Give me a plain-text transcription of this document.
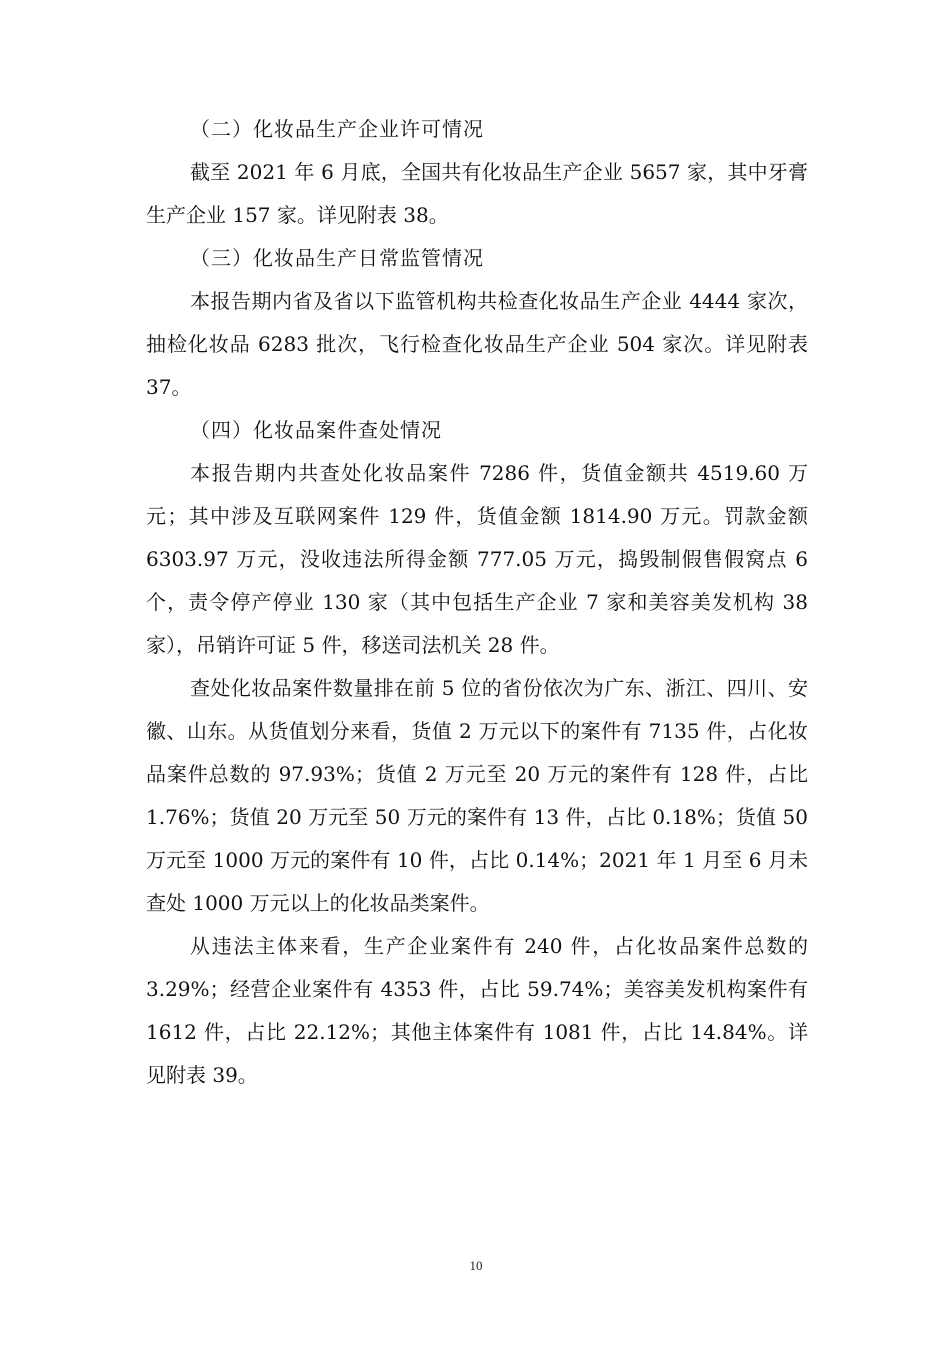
（二）化妆品生产企业许可情况

截至 2021 年 6 月底，全国共有化妆品生产企业 5657 家，其中牙膏生产企业 157 家。详见附表 38。

（三）化妆品生产日常监管情况

本报告期内省及省以下监管机构共检查化妆品生产企业 4444 家次，抽检化妆品 6283 批次，飞行检查化妆品生产企业 504 家次。详见附表 37。

（四）化妆品案件查处情况

本报告期内共查处化妆品案件 7286 件，货值金额共 4519.60 万元；其中涉及互联网案件 129 件，货值金额 1814.90 万元。罚款金额 6303.97 万元，没收违法所得金额 777.05 万元，捣毁制假售假窝点 6 个，责令停产停业 130 家（其中包括生产企业 7 家和美容美发机构 38 家），吊销许可证 5 件，移送司法机关 28 件。

查处化妆品案件数量排在前 5 位的省份依次为广东、浙江、四川、安徽、山东。从货值划分来看，货值 2 万元以下的案件有 7135 件，占化妆品案件总数的 97.93%；货值 2 万元至 20 万元的案件有 128 件，占比 1.76%；货值 20 万元至 50 万元的案件有 13 件，占比 0.18%；货值 50 万元至 1000 万元的案件有 10 件，占比 0.14%；2021 年 1 月至 6 月未查处 1000 万元以上的化妆品类案件。

从违法主体来看，生产企业案件有 240 件，占化妆品案件总数的 3.29%；经营企业案件有 4353 件，占比 59.74%；美容美发机构案件有 1612 件，占比 22.12%；其他主体案件有 1081 件，占比 14.84%。详见附表 39。

10
